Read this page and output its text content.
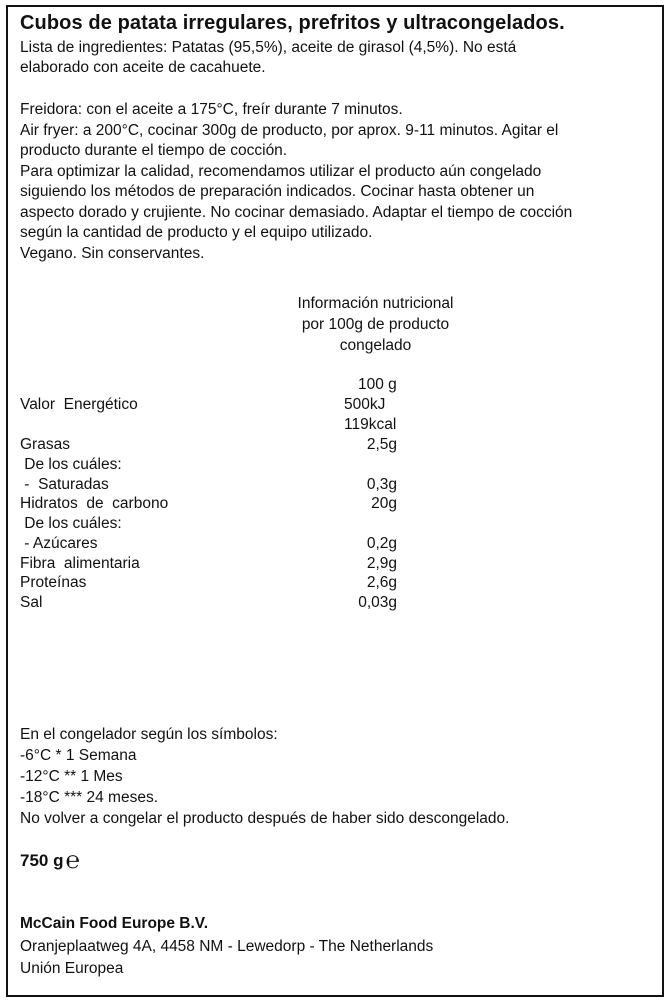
Cubos de patata irregulares, prefritos y ultracongelados.
Lista de ingredientes: Patatas (95,5%), aceite de girasol (4,5%). No está
elaborado con aceite de cacahuete.
Freidora: con el aceite a 175°C, freír durante 7 minutos.
Air fryer: a 200°C, cocinar 300g de producto, por aprox. 9-11 minutos. Agitar el
producto durante el tiempo de cocción.
Para optimizar la calidad, recomendamos utilizar el producto aún congelado
siguiendo los métodos de preparación indicados. Cocinar hasta obtener un
aspecto dorado y crujiente. No cocinar demasiado. Adaptar el tiempo de cocción
según la cantidad de producto y el equipo utilizado.
Vegano. Sin conservantes.
Información nutricional
por 100g de producto
congelado
100 g
Valor  Energético	500kJ
119kcal
Grasas	2,5g
De los cuáles:
-  Saturadas	0,3g
Hidratos  de  carbono	20g
De los cuáles:
- Azúcares	0,2g
Fibra  alimentaria	2,9g
Proteínas	2,6g
Sal	0,03g
En el congelador según los símbolos:
-6°C * 1 Semana
-12°C ** 1 Mes
-18°C *** 24 meses.
No volver a congelar el producto después de haber sido descongelado.
750 g℮
McCain Food Europe B.V.
Oranjeplaatweg 4A, 4458 NM - Lewedorp - The Netherlands
Unión Europea
